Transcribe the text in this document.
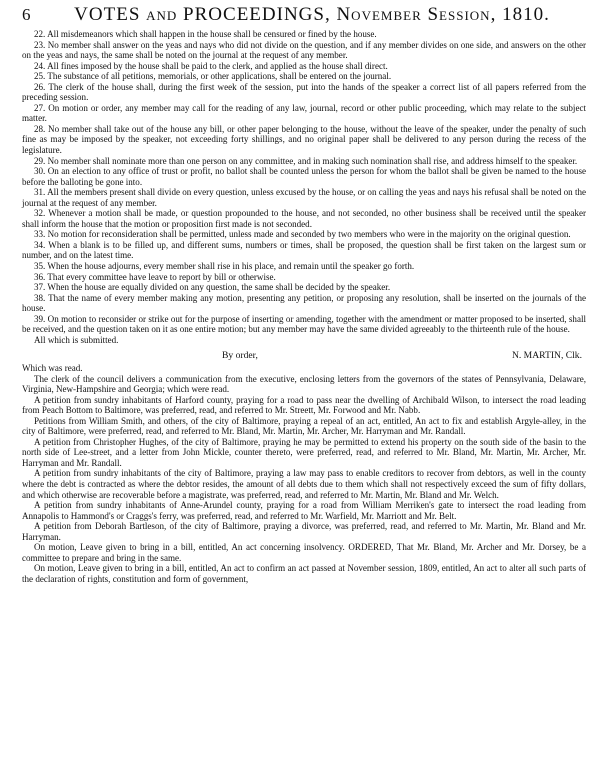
6	VOTES and PROCEEDINGS, November Session, 1810.

22. All misdemeanors which shall happen in the house shall be censured or fined by the house.

23. No member shall answer on the yeas and nays who did not divide on the question, and if any member divides on one side, and answers on the other on the yeas and nays, the same shall be noted on the journal at the request of any member.

24. All fines imposed by the house shall be paid to the clerk, and applied as the house shall direct.

25. The substance of all petitions, memorials, or other applications, shall be entered on the journal.

26. The clerk of the house shall, during the first week of the session, put into the hands of the speaker a correct list of all papers referred from the preceding session.

27. On motion or order, any member may call for the reading of any law, journal, record or other public proceeding, which may relate to the subject matter.

28. No member shall take out of the house any bill, or other paper belonging to the house, without the leave of the speaker, under the penalty of such fine as may be imposed by the speaker, not exceeding forty shillings, and no original paper shall be delivered to any person during the recess of the legislature.

29. No member shall nominate more than one person on any committee, and in making such nomination shall rise, and address himself to the speaker.

30. On an election to any office of trust or profit, no ballot shall be counted unless the person for whom the ballot shall be given be named to the house before the balloting be gone into.

31. All the members present shall divide on every question, unless excused by the house, or on calling the yeas and nays his refusal shall be noted on the journal at the request of any member.

32. Whenever a motion shall be made, or question propounded to the house, and not seconded, no other business shall be received until the speaker shall inform the house that the motion or proposition first made is not seconded.

33. No motion for reconsideration shall be permitted, unless made and seconded by two members who were in the majority on the original question.

34. When a blank is to be filled up, and different sums, numbers or times, shall be proposed, the question shall be first taken on the largest sum or number, and on the latest time.

35. When the house adjourns, every member shall rise in his place, and remain until the speaker go forth.

36. That every committee have leave to report by bill or otherwise.

37. When the house are equally divided on any question, the same shall be decided by the speaker.

38. That the name of every member making any motion, presenting any petition, or proposing any resolution, shall be inserted on the journals of the house.

39. On motion to reconsider or strike out for the purpose of inserting or amending, together with the amendment or matter proposed to be inserted, shall be received, and the question taken on it as one entire motion; but any member may have the same divided agreeably to the thirteenth rule of the house.

All which is submitted.

By order,	N. MARTIN, Clk.

Which was read.

The clerk of the council delivers a communication from the executive, enclosing letters from the governors of the states of Pennsylvania, Delaware, Virginia, New-Hampshire and Georgia; which were read.

A petition from sundry inhabitants of Harford county, praying for a road to pass near the dwelling of Archibald Wilson, to intersect the road leading from Peach Bottom to Baltimore, was preferred, read, and referred to Mr. Streett, Mr. Forwood and Mr. Nabb.

Petitions from William Smith, and others, of the city of Baltimore, praying a repeal of an act, entitled, An act to fix and establish Argyle-alley, in the city of Baltimore, were preferred, read, and referred to Mr. Bland, Mr. Martin, Mr. Archer, Mr. Harryman and Mr. Randall.

A petition from Christopher Hughes, of the city of Baltimore, praying he may be permitted to extend his property on the south side of the basin to the north side of Lee-street, and a letter from John Mickle, counter thereto, were preferred, read, and referred to Mr. Bland, Mr. Martin, Mr. Archer, Mr. Harryman and Mr. Randall.

A petition from sundry inhabitants of the city of Baltimore, praying a law may pass to enable creditors to recover from debtors, as well in the county where the debt is contracted as where the debtor resides, the amount of all debts due to them which shall not respectively exceed the sum of fifty dollars, and which otherwise are recoverable before a magistrate, was preferred, read, and referred to Mr. Martin, Mr. Bland and Mr. Welch.

A petition from sundry inhabitants of Anne-Arundel county, praying for a road from William Merriken's gate to intersect the road leading from Annapolis to Hammond's or Craggs's ferry, was preferred, read, and referred to Mr. Warfield, Mr. Marriott and Mr. Belt.

A petition from Deborah Bartleson, of the city of Baltimore, praying a divorce, was preferred, read, and referred to Mr. Martin, Mr. Bland and Mr. Harryman.

On motion, Leave given to bring in a bill, entitled, An act concerning insolvency. ORDERED, That Mr. Bland, Mr. Archer and Mr. Dorsey, be a committee to prepare and bring in the same.

On motion, Leave given to bring in a bill, entitled, An act to confirm an act passed at November session, 1809, entitled, An act to alter all such parts of the declaration of rights, constitution and form of government,
